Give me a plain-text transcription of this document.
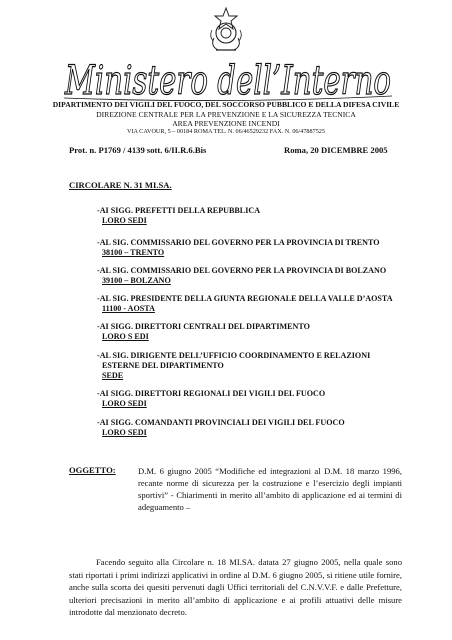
Ministero dell’Interno
DIPARTIMENTO DEI VIGILI DEL FUOCO, DEL SOCCORSO PUBBLICO E DELLA DIFESA CIVILE
DIREZIONE CENTRALE PER LA PREVENZIONE E LA SICUREZZA TECNICA
AREA PREVENZIONE INCENDI
VIA CAVOUR, 5 – 00184 ROMA TEL. N. 06/46529232 FAX. N. 06/47887525
Prot. n. P1769 / 4139 sott. 6/II.R.6.Bis	Roma, 20 DICEMBRE 2005
CIRCOLARE N. 31 MI.SA.
-AI SIGG. PREFETTI DELLA REPUBBLICA
LORO SEDI
-AL SIG. COMMISSARIO DEL GOVERNO PER LA PROVINCIA DI TRENTO
38100 – TRENTO
-AL SIG. COMMISSARIO DEL GOVERNO PER LA PROVINCIA DI BOLZANO
39100 – BOLZANO
-AL SIG. PRESIDENTE DELLA GIUNTA REGIONALE DELLA VALLE D’AOSTA
11100 - AOSTA
-AI SIGG. DIRETTORI CENTRALI DEL DIPARTIMENTO
LORO S EDI
-AL SIG. DIRIGENTE DELL’UFFICIO COORDINAMENTO E RELAZIONI
ESTERNE DEL DIPARTIMENTO
SEDE
-AI SIGG. DIRETTORI REGIONALI DEI VIGILI DEL FUOCO
LORO SEDI
-AI SIGG. COMANDANTI PROVINCIALI DEI VIGILI DEL FUOCO
LORO SEDI
OGGETTO:	D.M. 6 giugno 2005 “Modifiche ed integrazioni al D.M. 18 marzo 1996, recante norme di sicurezza per la costruzione e l’esercizio degli impianti sportivi” - Chiarimenti in merito all’ambito di applicazione ed ai termini di adeguamento –
Facendo seguito alla Circolare n. 18 MI.SA. datata 27 giugno 2005, nella quale sono stati riportati i primi indirizzi applicativi in ordine al D.M. 6 giugno 2005, si ritiene utile fornire, anche sulla scorta dei quesiti pervenuti dagli Uffici territoriali del C.N.V.V.F. e dalle Prefetture, ulteriori precisazioni in merito all’ambito di applicazione e ai profili attuativi delle misure introdotte dal menzionato decreto.
